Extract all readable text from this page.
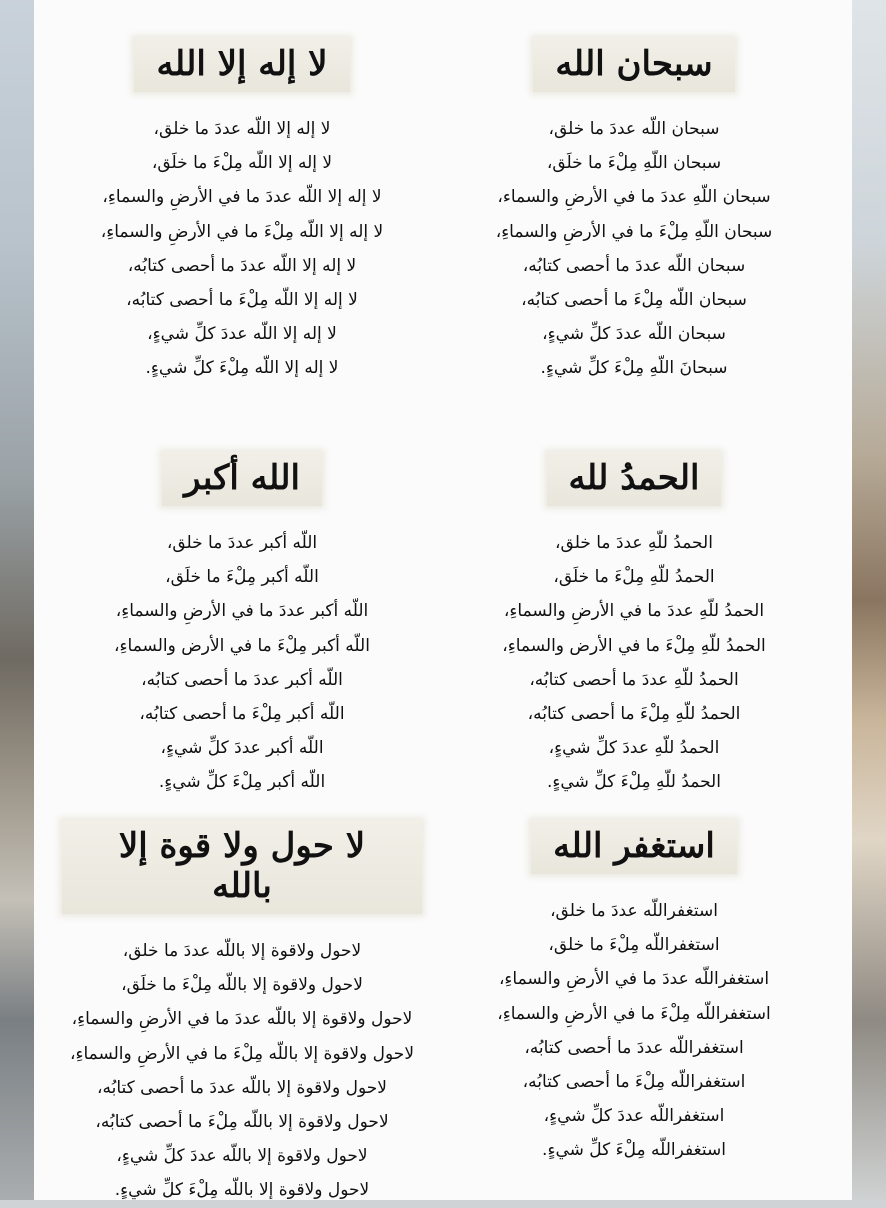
سبحان الله
سبحان اللّه عددَ ما خلق،
سبحان اللّهِ مِلْءَ ما خلَق،
سبحان اللّهِ عددَ ما في الأرضِ والسماء،
سبحان اللّهِ مِلْءَ ما في الأرضِ والسماءِ،
سبحان اللّه عددَ ما أحصى كتابُه،
سبحان اللّه مِلْءَ ما أحصى كتابُه،
سبحان اللّه عددَ كلِّ شيءٍ،
سبحانَ اللّهِ مِلْءَ كلِّ شيءٍ.
لا إله إلا الله
لا إله إلا اللّه عددَ ما خلق،
لا إله إلا اللّه مِلْءَ ما خلَق،
لا إله إلا اللّه عددَ ما في الأرضِ والسماءِ،
لا إله إلا اللّه مِلْءَ ما في الأرضِ والسماءِ،
لا إله إلا اللّه عددَ ما أحصى كتابُه،
لا إله إلا اللّه مِلْءَ ما أحصى كتابُه،
لا إله إلا اللّه عددَ كلِّ شيءٍ،
لا إله إلا اللّه مِلْءَ كلِّ شيءٍ.
الحمدُ لله
الحمدُ للّهِ عددَ ما خلق،
الحمدُ للّهِ مِلْءَ ما خلَق،
الحمدُ للّهِ عددَ ما في الأرضِ والسماءِ،
الحمدُ للّهِ مِلْءَ ما في الأرض والسماءِ،
الحمدُ للّهِ عددَ ما أحصى كتابُه،
الحمدُ للّهِ مِلْءَ ما أحصى كتابُه،
الحمدُ للّهِ عددَ كلِّ شيءٍ،
الحمدُ للّهِ مِلْءَ كلِّ شيءٍ.
الله أكبر
اللّه أكبر عددَ ما خلق،
اللّه أكبر مِلْءَ ما خلَق،
اللّه أكبر عددَ ما في الأرضِ والسماءِ،
اللّه أكبر مِلْءَ ما في الأرض والسماءِ،
اللّه أكبر عددَ ما أحصى كتابُه،
اللّه أكبر مِلْءَ ما أحصى كتابُه،
اللّه أكبر عددَ كلِّ شيءٍ،
اللّه أكبر مِلْءَ كلِّ شيءٍ.
استغفر الله
استغفراللّه عددَ ما خلق،
استغفراللّه مِلْءَ ما خلق،
استغفراللّه عددَ ما في الأرضِ والسماءِ،
استغفراللّه مِلْءَ ما في الأرضِ والسماءِ،
استغفراللّه عددَ ما أحصى كتابُه،
استغفراللّه مِلْءَ ما أحصى كتابُه،
استغفراللّه عددَ كلِّ شيءٍ،
استغفراللّه مِلْءَ كلِّ شيءٍ.
لا حول ولا قوة إلا بالله
لاحول ولاقوة إلا باللّه عددَ ما خلق،
لاحول ولاقوة إلا باللّه مِلْءَ ما خلَق،
لاحول ولاقوة إلا باللّه عددَ ما في الأرضِ والسماءِ،
لاحول ولاقوة إلا باللّه مِلْءَ ما في الأرضِ والسماءِ،
لاحول ولاقوة إلا باللّه عددَ ما أحصى كتابُه،
لاحول ولاقوة إلا باللّه مِلْءَ ما أحصى كتابُه،
لاحول ولاقوة إلا باللّه عددَ كلِّ شيءٍ،
لاحول ولاقوة إلا باللّه مِلْءَ كلِّ شيءٍ.
